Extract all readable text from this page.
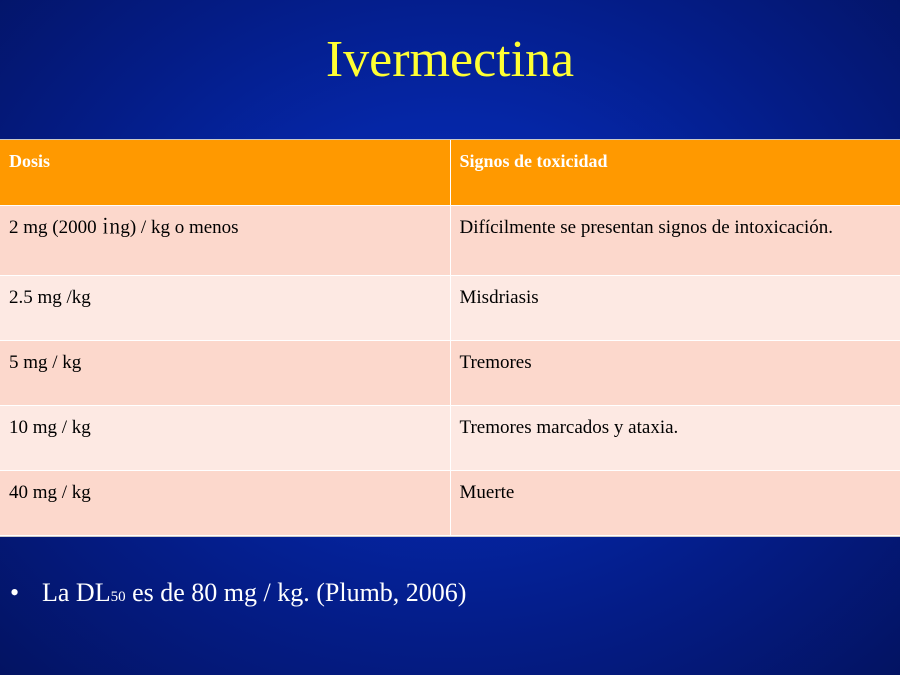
Ivermectina
Dosis	Signos de toxicidad
2 mg (2000 ㏌g) / kg o menos	Difícilmente se presentan signos de intoxicación.
2.5 mg /kg	Misdriasis
5 mg / kg	Tremores
10 mg / kg	Tremores marcados y ataxia.
40 mg / kg	Muerte
• La DL50 es de 80 mg / kg. (Plumb, 2006)
